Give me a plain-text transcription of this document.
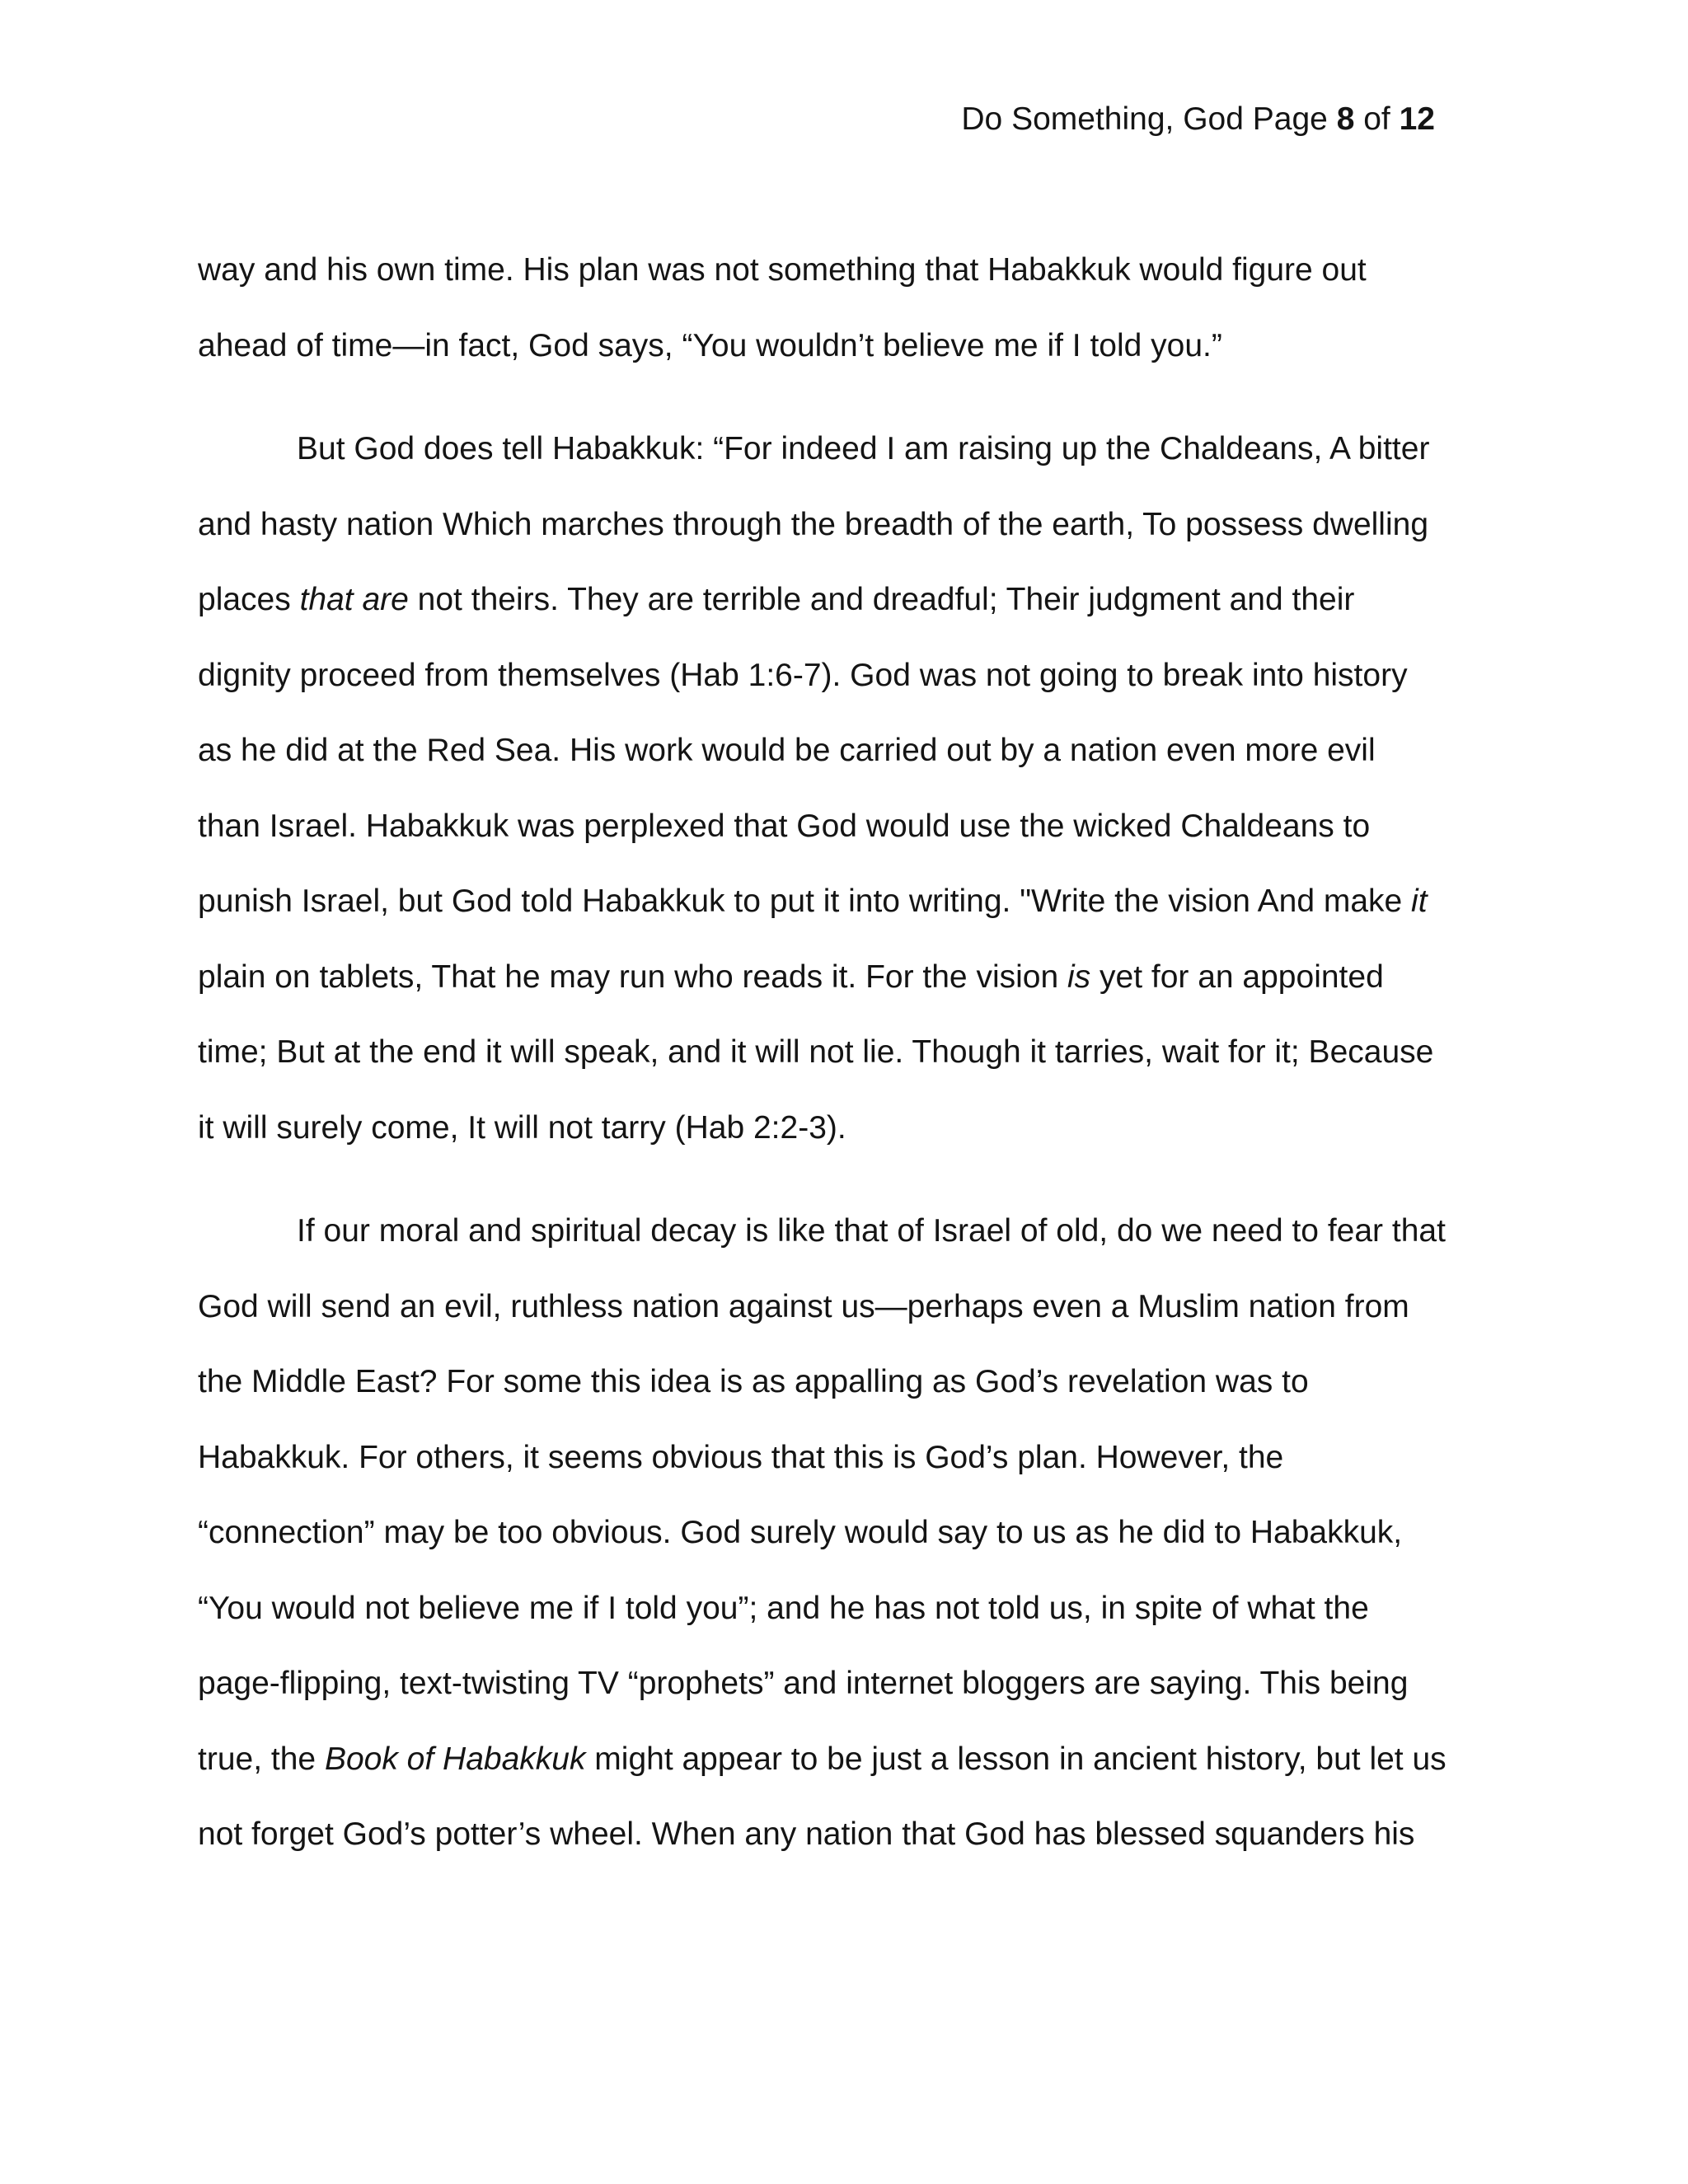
Do Something, God Page 8 of 12

way and his own time. His plan was not something that Habakkuk would figure out
ahead of time—in fact, God says, “You wouldn’t believe me if I told you.”

But God does tell Habakkuk: “For indeed I am raising up the Chaldeans, A bitter
and hasty nation Which marches through the breadth of the earth, To possess dwelling
places that are not theirs. They are terrible and dreadful; Their judgment and their
dignity proceed from themselves (Hab 1:6-7). God was not going to break into history
as he did at the Red Sea. His work would be carried out by a nation even more evil
than Israel. Habakkuk was perplexed that God would use the wicked Chaldeans to
punish Israel, but God told Habakkuk to put it into writing. "Write the vision And make it
plain on tablets, That he may run who reads it. For the vision is yet for an appointed
time; But at the end it will speak, and it will not lie. Though it tarries, wait for it; Because
it will surely come, It will not tarry (Hab 2:2-3).

If our moral and spiritual decay is like that of Israel of old, do we need to fear that
God will send an evil, ruthless nation against us—perhaps even a Muslim nation from
the Middle East? For some this idea is as appalling as God’s revelation was to
Habakkuk. For others, it seems obvious that this is God’s plan. However, the
“connection” may be too obvious. God surely would say to us as he did to Habakkuk,
“You would not believe me if I told you”; and he has not told us, in spite of what the
page-flipping, text-twisting TV “prophets” and internet bloggers are saying. This being
true, the Book of Habakkuk might appear to be just a lesson in ancient history, but let us
not forget God’s potter’s wheel. When any nation that God has blessed squanders his
